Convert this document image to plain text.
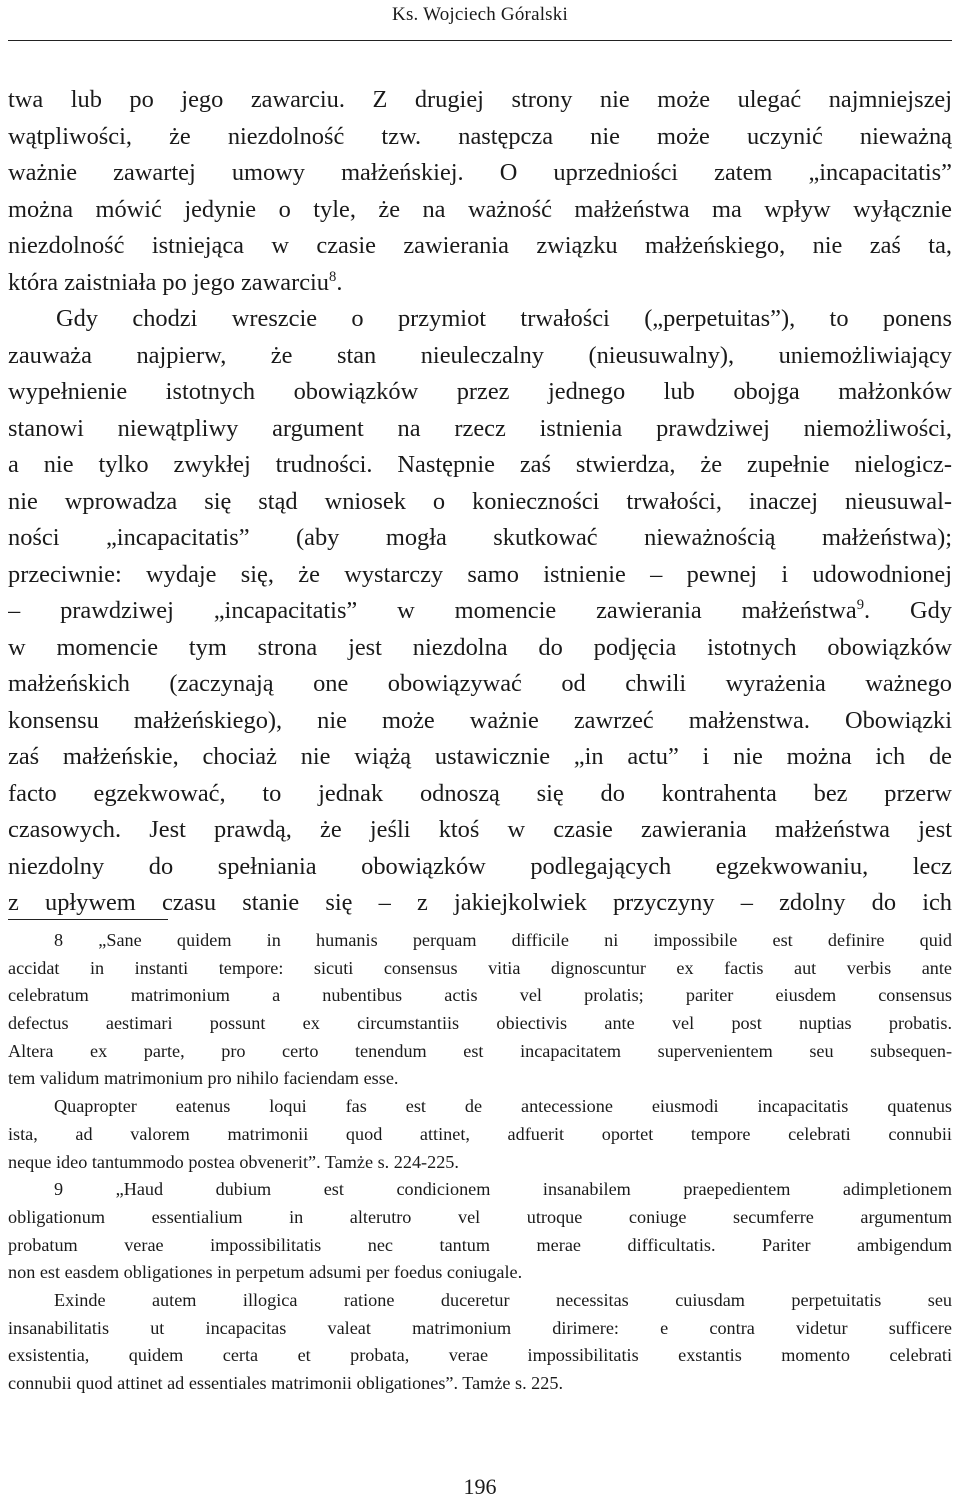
Ks. Wojciech Góralski
twa lub po jego zawarciu. Z drugiej strony nie może ulegać najmniejszej
wątpliwości, że niezdolność tzw. następcza nie może uczynić nieważną
ważnie zawartej umowy małżeńskiej. O uprzedniości zatem „incapacitatis”
można mówić jedynie o tyle, że na ważność małżeństwa ma wpływ wyłącznie
niezdolność istniejąca w czasie zawierania związku małżeńskiego, nie zaś ta,
która zaistniała po jego zawarciu$^8$.
Gdy chodzi wreszcie o przymiot trwałości („perpetuitas”), to ponens
zauważa najpierw, że stan nieuleczalny (nieusuwalny), uniemożliwiający
wypełnienie istotnych obowiązków przez jednego lub obojga małżonków
stanowi niewątpliwy argument na rzecz istnienia prawdziwej niemożliwości,
a nie tylko zwykłej trudności. Następnie zaś stwierdza, że zupełnie nielogicz-
nie wprowadza się stąd wniosek o konieczności trwałości, inaczej nieusuwal-
ności „incapacitatis” (aby mogła skutkować nieważnością małżeństwa);
przeciwnie: wydaje się, że wystarczy samo istnienie – pewnej i udowodnionej
– prawdziwej „incapacitatis” w momencie zawierania małżeństwa$^9$. Gdy
w momencie tym strona jest niezdolna do podjęcia istotnych obowiązków
małżeńskich (zaczynają one obowiązywać od chwili wyrażenia ważnego
konsensu małżeńskiego), nie może ważnie zawrzeć małżenstwa. Obowiązki
zaś małżeńskie, chociaż nie wiążą ustawicznie „in actu” i nie można ich de
facto egzekwować, to jednak odnoszą się do kontrahenta bez przerw
czasowych. Jest prawdą, że jeśli ktoś w czasie zawierania małżeństwa jest
niezdolny do spełniania obowiązków podlegających egzekwowaniu, lecz
z upływem czasu stanie się – z jakiejkolwiek przyczyny – zdolny do ich
8 „Sane quidem in humanis perquam difficile ni impossibile est definire quid
accidat in instanti tempore: sicuti consensus vitia dignoscuntur ex factis aut verbis ante
celebratum matrimonium a nubentibus actis vel prolatis; pariter eiusdem consensus
defectus aestimari possunt ex circumstantiis obiectivis ante vel post nuptias probatis.
Altera ex parte, pro certo tenendum est incapacitatem supervenientem seu subsequen-
tem validum matrimonium pro nihilo faciendam esse.
Quapropter eatenus loqui fas est de antecessione eiusmodi incapacitatis quatenus
ista, ad valorem matrimonii quod attinet, adfuerit oportet tempore celebrati connubii
neque ideo tantummodo postea obvenerit”. Tamże s. 224-225.
9 „Haud dubium est condicionem insanabilem praepedientem adimpletionem
obligationum essentialium in alterutro vel utroque coniuge secumferre argumentum
probatum verae impossibilitatis nec tantum merae difficultatis. Pariter ambigendum
non est easdem obligationes in perpetum adsumi per foedus coniugale.
Exinde autem illogica ratione duceretur necessitas cuiusdam perpetuitatis seu
insanabilitatis ut incapacitas valeat matrimonium dirimere: e contra videtur sufficere
exsistentia, quidem certa et probata, verae impossibilitatis exstantis momento celebrati
connubii quod attinet ad essentiales matrimonii obligationes”. Tamże s. 225.
196
